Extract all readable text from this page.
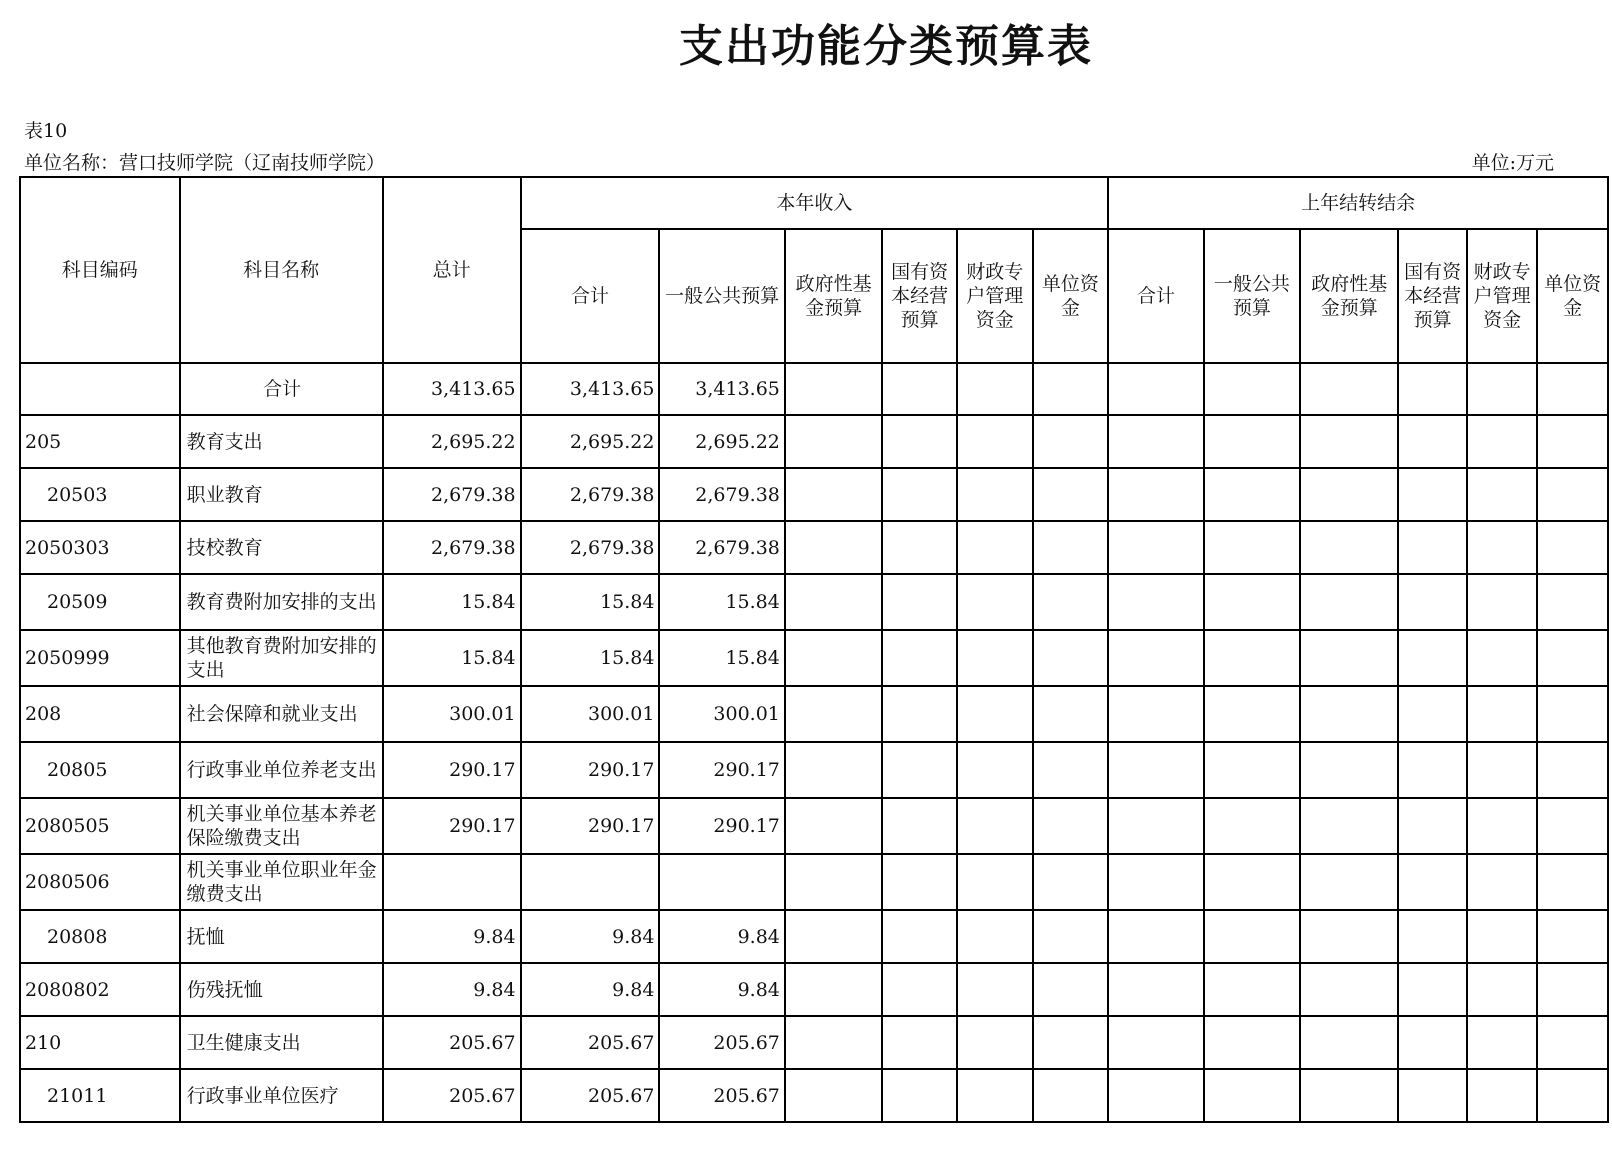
支出功能分类预算表
表10
单位名称：营口技师学院（辽南技师学院）	单位:万元
科目编码	科目名称	总计	本年收入						上年结转结余					
			合计	一般公共预算	政府性基金预算	国有资本经营预算	财政专户管理资金	单位资金	合计	一般公共预算	政府性基金预算	国有资本经营预算	财政专户管理资金	单位资金
	合计	3,413.65	3,413.65	3,413.65										
205	教育支出	2,695.22	2,695.22	2,695.22										
20503	职业教育	2,679.38	2,679.38	2,679.38										
2050303	技校教育	2,679.38	2,679.38	2,679.38										
20509	教育费附加安排的支出	15.84	15.84	15.84										
2050999	其他教育费附加安排的支出	15.84	15.84	15.84										
208	社会保障和就业支出	300.01	300.01	300.01										
20805	行政事业单位养老支出	290.17	290.17	290.17										
2080505	机关事业单位基本养老保险缴费支出	290.17	290.17	290.17										
2080506	机关事业单位职业年金缴费支出													
20808	抚恤	9.84	9.84	9.84										
2080802	伤残抚恤	9.84	9.84	9.84										
210	卫生健康支出	205.67	205.67	205.67										
21011	行政事业单位医疗	205.67	205.67	205.67										
